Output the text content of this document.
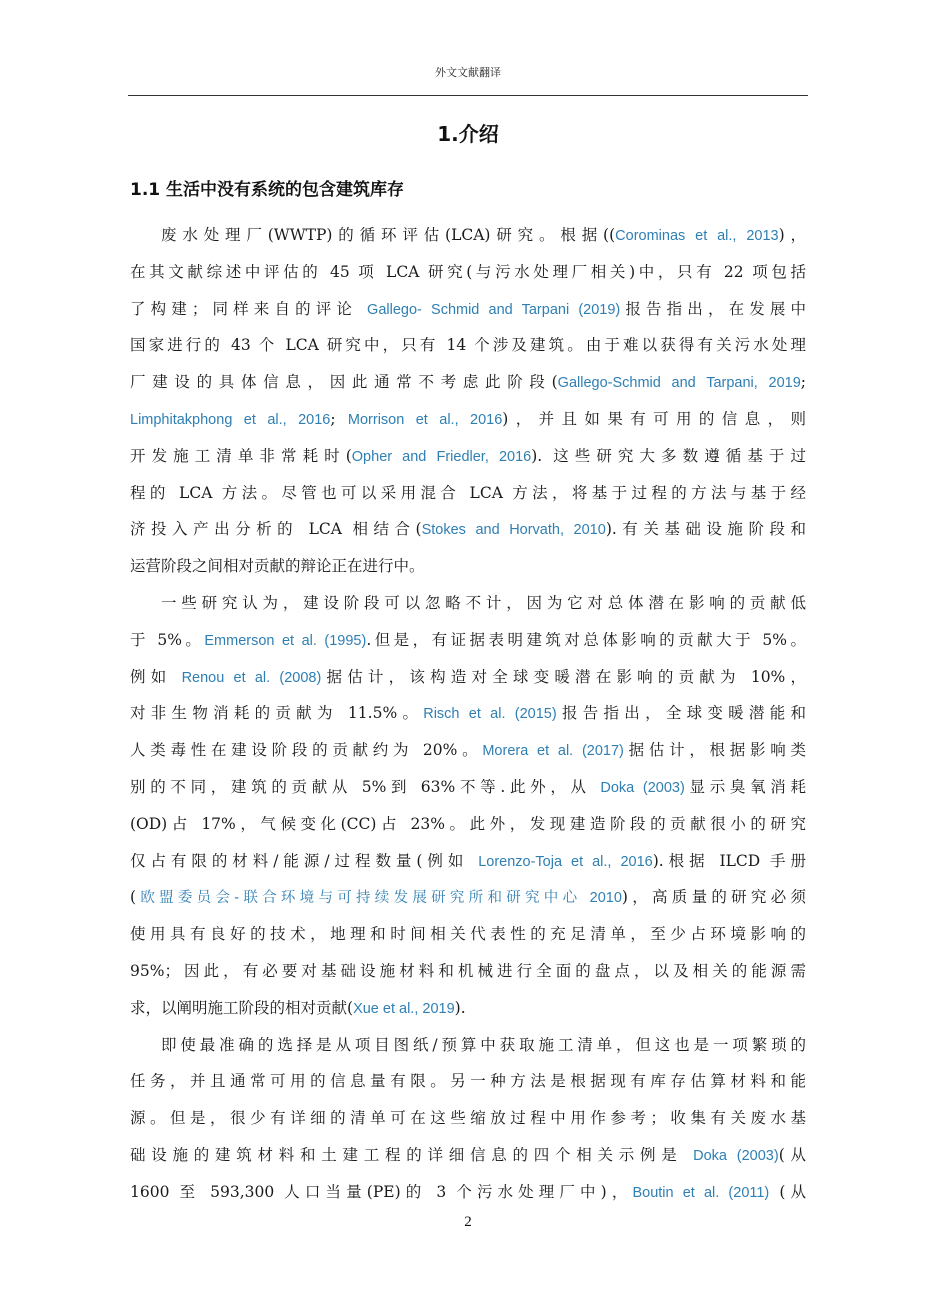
外文文献翻译
1.介绍
1.1 生活中没有系统的包含建筑库存
废水处理厂(WWTP)的循环评估(LCA)研究。根据((Corominas et al., 2013)，
在其文献综述中评估的 45 项 LCA 研究(与污水处理厂相关)中，只有 22 项包括
了构建；同样来自的评论 Gallego- Schmid and Tarpani (2019)报告指出，在发展中
国家进行的 43 个 LCA 研究中，只有 14 个涉及建筑。由于难以获得有关污水处理
厂建设的具体信息，因此通常不考虑此阶段(Gallego-Schmid and Tarpani, 2019;
Limphitakphong et al., 2016; Morrison et al., 2016)，并且如果有可用的信息，则
开发施工清单非常耗时(Opher and Friedler, 2016). 这些研究大多数遵循基于过
程的 LCA 方法。尽管也可以采用混合 LCA 方法，将基于过程的方法与基于经
济投入产出分析的 LCA 相结合(Stokes and Horvath, 2010).有关基础设施阶段和
运营阶段之间相对贡献的辩论正在进行中。
一些研究认为，建设阶段可以忽略不计，因为它对总体潜在影响的贡献低
于 5%。Emmerson et al. (1995).但是，有证据表明建筑对总体影响的贡献大于 5%。
例如 Renou et al. (2008)据估计，该构造对全球变暖潜在影响的贡献为 10%，
对非生物消耗的贡献为 11.5%。Risch et al. (2015)报告指出，全球变暖潜能和
人类毒性在建设阶段的贡献约为 20%。Morera et al. (2017)据估计，根据影响类
别的不同，建筑的贡献从 5%到 63%不等.此外，从 Doka (2003)显示臭氧消耗
(OD)占 17%，气候变化(CC)占 23%。此外，发现建造阶段的贡献很小的研究
仅占有限的材料/能源/过程数量(例如 Lorenzo-Toja et al., 2016).根据 ILCD 手册
(欧盟委员会-联合环境与可持续发展研究所和研究中心 2010)，高质量的研究必须
使用具有良好的技术，地理和时间相关代表性的充足清单，至少占环境影响的
95%；因此，有必要对基础设施材料和机械进行全面的盘点，以及相关的能源需
求，以阐明施工阶段的相对贡献(Xue et al., 2019).
即使最准确的选择是从项目图纸/预算中获取施工清单，但这也是一项繁琐的
任务，并且通常可用的信息量有限。另一种方法是根据现有库存估算材料和能
源。但是，很少有详细的清单可在这些缩放过程中用作参考；收集有关废水基
础设施的建筑材料和土建工程的详细信息的四个相关示例是 Doka (2003)(从
1600 至 593,300 人口当量(PE)的 3 个污水处理厂中)，Boutin et al. (2011) (从
2
